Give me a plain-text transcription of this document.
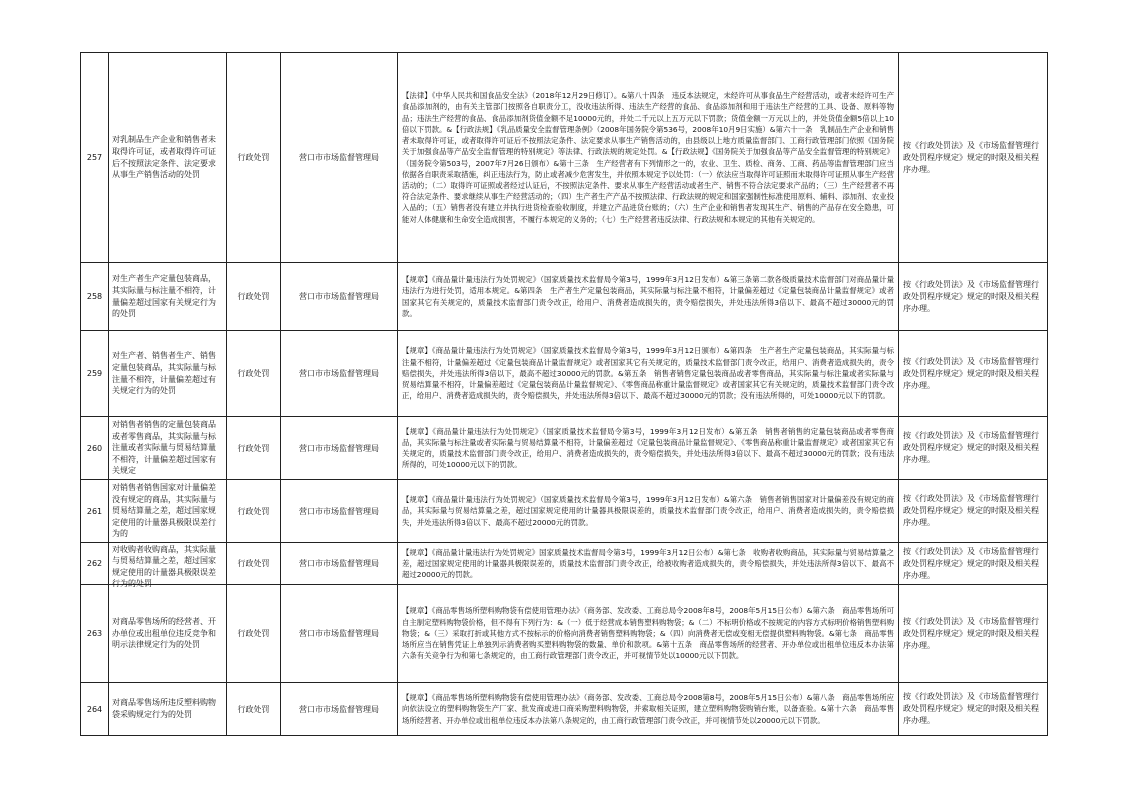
257	对乳制品生产企业和销售者未取得许可证，或者取得许可证后不按照法定条件、法定要求从事生产销售活动的处罚	行政处罚	营口市市场监督管理局	【法律】《中华人民共和国食品安全法》（2018年12月29日修订）。&第八十四条　违反本法规定，未经许可从事食品生产经营活动，或者未经许可生产食品添加剂的，由有关主管部门按照各自职责分工，没收违法所得、违法生产经营的食品、食品添加剂和用于违法生产经营的工具、设备、原料等物品；违法生产经营的食品、食品添加剂货值金额不足10000元的，并处二千元以上五万元以下罚款；货值金额一万元以上的，并处货值金额5倍以上10倍以下罚款。&【行政法规】《乳品质量安全监督管理条例》（2008年国务院令第536号，2008年10月9日实施）&第六十一条　乳制品生产企业和销售者未取得许可证，或者取得许可证后不按照法定条件、法定要求从事生产销售活动的，由县级以上地方质量监督部门、工商行政管理部门依照《国务院关于加强食品等产品安全监督管理的特别规定》等法律、行政法规的规定处罚。&【行政法规】《国务院关于加强食品等产品安全监督管理的特别规定》（国务院令第503号，2007年7月26日颁布）&第十三条　生产经营者有下列情形之一的，农业、卫生、质检、商务、工商、药品等监督管理部门应当依据各自职责采取措施，纠正违法行为，防止或者减少危害发生，并依照本规定予以处罚：（一）依法应当取得许可证照而未取得许可证照从事生产经营活动的；（二）取得许可证照或者经过认证后，不按照法定条件、要求从事生产经营活动或者生产、销售不符合法定要求产品的；（三）生产经营者不再符合法定条件、要求继续从事生产经营活动的；（四）生产者生产产品不按照法律、行政法规的规定和国家强制性标准使用原料、辅料、添加剂、农业投入品的；（五）销售者没有建立并执行进货检查验收制度，并建立产品进货台账的；（六）生产企业和销售者发现其生产、销售的产品存在安全隐患，可能对人体健康和生命安全造成损害，不履行本规定的义务的；（七）生产经营者违反法律、行政法规和本规定的其他有关规定的。	按《行政处罚法》及《市场监督管理行政处罚程序规定》规定的时限及相关程序办理。

258	对生产者生产定量包装商品，其实际量与标注量不相符，计量偏差超过国家有关规定行为的处罚	行政处罚	营口市市场监督管理局	【规章】《商品量计量违法行为处罚规定》（国家质量技术监督局令第3号，1999年3月12日发布）&第三条第二款各级质量技术监督部门对商品量计量违法行为进行处罚，适用本规定。&第四条　生产者生产定量包装商品，其实际量与标注量不相符，计量偏差超过《定量包装商品计量监督规定》或者国家其它有关规定的，质量技术监督部门责令改正，给用户、消费者造成损失的，责令赔偿损失，并处违法所得3倍以下、最高不超过30000元的罚款。	按《行政处罚法》及《市场监督管理行政处罚程序规定》规定的时限及相关程序办理。

259	对生产者、销售者生产、销售定量包装商品，其实际量与标注量不相符，计量偏差超过有关规定行为的处罚	行政处罚	营口市市场监督管理局	【规章】《商品量计量违法行为处罚规定》（国家质量技术监督局令第3号，1999年3月12日颁布）&第四条　生产者生产定量包装商品，其实际量与标注量不相符，计量偏差超过《定量包装商品计量监督规定》或者国家其它有关规定的，质量技术监督部门责令改正，给用户、消费者造成损失的，责令赔偿损失，并处违法所得3倍以下，最高不超过30000元的罚款。&第五条　销售者销售定量包装商品或者零售商品，其实际量与标注量或者实际量与贸易结算量不相符，计量偏差超过《定量包装商品计量监督规定》、《零售商品称重计量监督规定》或者国家其它有关规定的，质量技术监督部门责令改正，给用户、消费者造成损失的，责令赔偿损失，并处违法所得3倍以下、最高不超过30000元的罚款；没有违法所得的，可处10000元以下的罚款。	按《行政处罚法》及《市场监督管理行政处罚程序规定》规定的时限及相关程序办理。

260	对销售者销售的定量包装商品或者零售商品，其实际量与标注量或者实际量与贸易结算量不相符，计量偏差超过国家有关规定	行政处罚	营口市市场监督管理局	【规章】《商品量计量违法行为处罚规定》（国家质量技术监督局令第3号，1999年3月12日发布）&第五条　销售者销售的定量包装商品或者零售商品，其实际量与标注量或者实际量与贸易结算量不相符，计量偏差超过《定量包装商品计量监督规定》、《零售商品称重计量监督规定》或者国家其它有关规定的，质量技术监督部门责令改正，给用户、消费者造成损失的，责令赔偿损失，并处违法所得3倍以下、最高不超过30000元的罚款；没有违法所得的，可处10000元以下的罚款。	按《行政处罚法》及《市场监督管理行政处罚程序规定》规定的时限及相关程序办理。

261	对销售者销售国家对计量偏差没有规定的商品，其实际量与贸易结算量之差，超过国家规定使用的计量器具极限误差行为的	行政处罚	营口市市场监督管理局	【规章】《商品量计量违法行为处罚规定》（国家质量技术监督局令第3号，1999年3月12日发布）&第六条　销售者销售国家对计量偏差没有规定的商品，其实际量与贸易结算量之差，超过国家规定使用的计量器具极限误差的，质量技术监督部门责令改正，给用户、消费者造成损失的，责令赔偿损失，并处违法所得3倍以下、最高不超过20000元的罚款。	按《行政处罚法》及《市场监督管理行政处罚程序规定》规定的时限及相关程序办理。

262	对收购者收购商品，其实际量与贸易结算量之差，超过国家规定使用的计量器具极限误差行为的处罚	行政处罚	营口市市场监督管理局	【规章】《商品量计量违法行为处罚规定》国家质量技术监督局令第3号，1999年3月12日公布）&第七条　收购者收购商品，其实际量与贸易结算量之差，超过国家规定使用的计量器具极限误差的，质量技术监督部门责令改正，给被收购者造成损失的，责令赔偿损失，并处违法所得3倍以下、最高不超过20000元的罚款。	按《行政处罚法》及《市场监督管理行政处罚程序规定》规定的时限及相关程序办理。

263	对商品零售场所的经营者、开办单位或出租单位违反竞争和明示法律规定行为的处罚	行政处罚	营口市市场监督管理局	【规章】《商品零售场所塑料购物袋有偿使用管理办法》（商务部、发改委、工商总局令2008年8号，2008年5月15日公布）&第六条　商品零售场所可自主制定塑料购物袋价格，但不得有下列行为：&（一）低于经营成本销售塑料购物袋；&（二）不标明价格或不按规定的内容方式标明价格销售塑料购物袋；&（三）采取打折或其他方式不按标示的价格向消费者销售塑料购物袋；&（四）向消费者无偿或变相无偿提供塑料购物袋。&第七条　商品零售场所应当在销售凭证上单独列示消费者购买塑料购物袋的数量、单价和款项。&第十五条　商品零售场所的经营者、开办单位或出租单位违反本办法第六条有关竞争行为和第七条规定的，由工商行政管理部门责令改正，并可视情节处以10000元以下罚款。	按《行政处罚法》及《市场监督管理行政处罚程序规定》规定的时限及相关程序办理。

264	对商品零售场所违反塑料购物袋采购规定行为的处罚	行政处罚	营口市市场监督管理局	【规章】《商品零售场所塑料购物袋有偿使用管理办法》（商务部、发改委、工商总局令2008第8号，2008年5月15日公布）&第八条　商品零售场所应向依法设立的塑料购物袋生产厂家、批发商或进口商采购塑料购物袋，并索取相关证照，建立塑料购物袋购销台账，以备查验。&第十六条　商品零售场所经营者、开办单位或出租单位违反本办法第八条规定的，由工商行政管理部门责令改正，并可视情节处以20000元以下罚款。	按《行政处罚法》及《市场监督管理行政处罚程序规定》规定的时限及相关程序办理。
